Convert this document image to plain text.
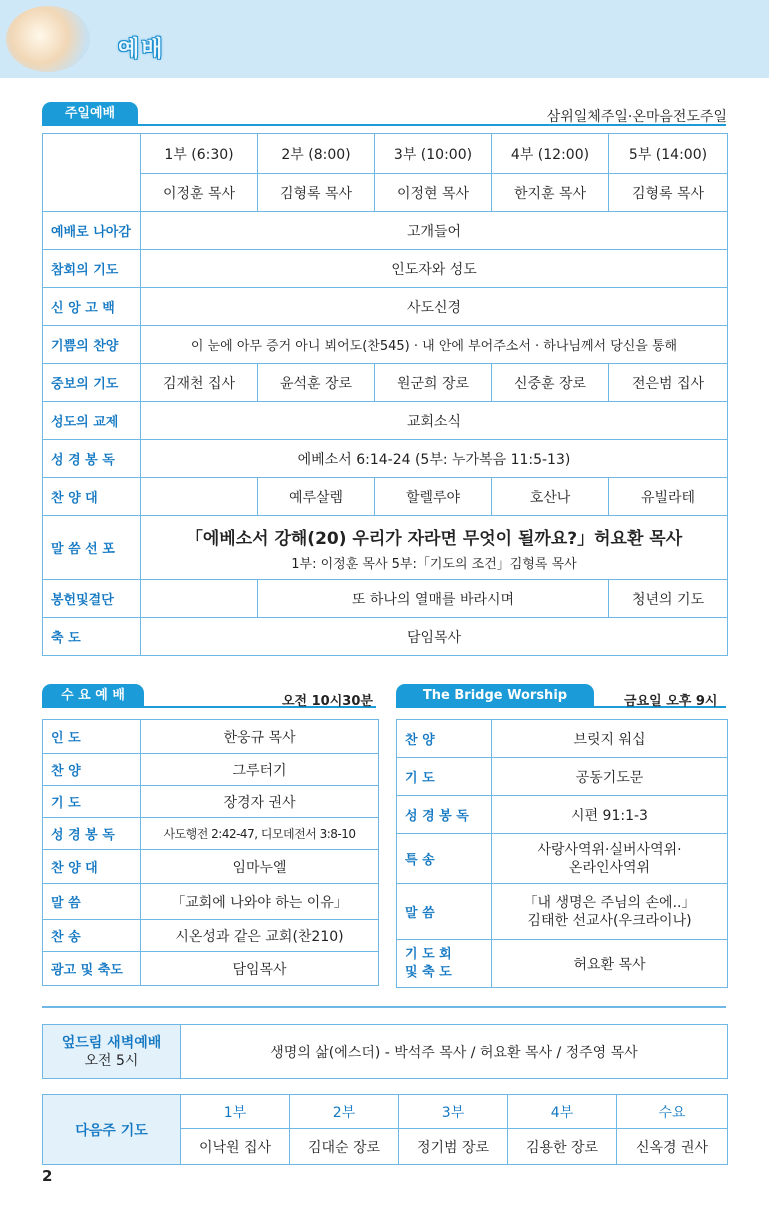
예배
주일예배	삼위일체주일·온마음전도주일
	1부 (6:30)	2부 (8:00)	3부 (10:00)	4부 (12:00)	5부 (14:00)
	이정훈 목사	김형록 목사	이정현 목사	한지훈 목사	김형록 목사
예배로 나아감	고개들어				
참회의 기도	인도자와 성도				
신 앙 고 백	사도신경				
기쁨의 찬양	이 눈에 아무 증거 아니 뵈어도(찬545) · 내 안에 부어주소서 · 하나님께서 당신을 통해				
중보의 기도	김재천 집사	윤석훈 장로	원군희 장로	신중훈 장로	전은범 집사
성도의 교제	교회소식				
성 경 봉 독	에베소서 6:14-24 (5부: 누가복음 11:5-13)				
찬 양 대		예루살렘	할렐루야	호산나	유빌라테
말 씀 선 포	「에베소서 강해(20) 우리가 자라면 무엇이 될까요?」허요환 목사
1부: 이정훈 목사 5부:「기도의 조건」김형록 목사				

봉헌및결단		또 하나의 열매를 바라시며			청년의 기도
축 도	담임목사				
수 요 예 배	오전 10시30분
인 도	한웅규 목사
찬 양	그루터기
기 도	장경자 권사
성 경 봉 독	사도행전 2:42-47, 디모데전서 3:8-10
찬 양 대	임마누엘
말 씀	「교회에 나와야 하는 이유」
찬 송	시온성과 같은 교회(찬210)
광고 및 축도	담임목사
The Bridge Worship	금요일 오후 9시
찬 양	브릿지 워십
기 도	공동기도문
성 경 봉 독	시편 91:1-3
특 송	사랑사역위·실버사역위·
온라인사역위

말 씀	「내 생명은 주님의 손에..」
김태한 선교사(우크라이나)

기 도 회
및 축 도	허요환 목사
엎드림 새벽예배
오전 5시	생명의 삶(에스더) - 박석주 목사 / 허요환 목사 / 정주영 목사
다음주 기도	1부	2부	3부	4부	수요
	이낙원 집사	김대순 장로	정기범 장로	김용한 장로	신옥경 권사
2
